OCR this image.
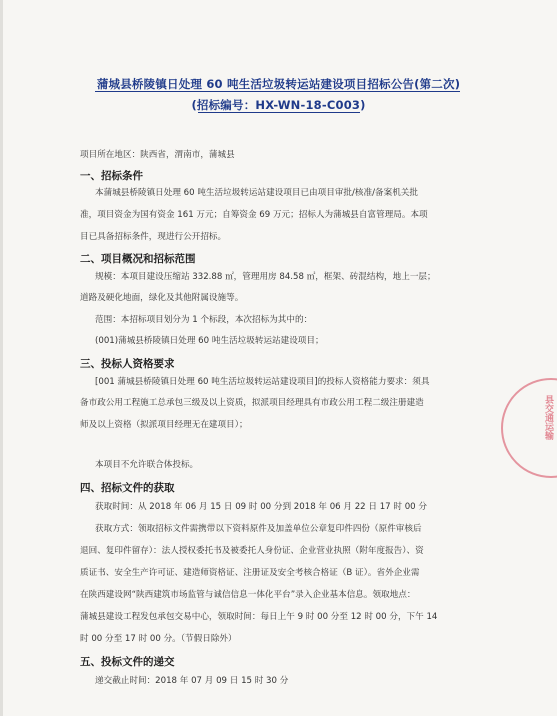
蒲城县桥陵镇日处理 60 吨生活垃圾转运站建设项目招标公告(第二次)
(招标编号：HX-WN-18-C003)
项目所在地区：陕西省，渭南市，蒲城县
一、招标条件
本蒲城县桥陵镇日处理 60 吨生活垃圾转运站建设项目已由项目审批/核准/备案机关批
准，项目资金为国有资金 161 万元；自筹资金 69 万元；招标人为蒲城县自富管理局。本项
目已具备招标条件，现进行公开招标。
二、项目概况和招标范围
规模：本项目建设压缩站 332.88 ㎡，管理用房 84.58 ㎡，框架、砖混结构，地上一层；
道路及硬化地面，绿化及其他附属设施等。
范围：本招标项目划分为 1 个标段，本次招标为其中的：
(001)蒲城县桥陵镇日处理 60 吨生活垃圾转运站建设项目；
三、投标人资格要求
[001 蒲城县桥陵镇日处理 60 吨生活垃圾转运站建设项目]的投标人资格能力要求：须具
备市政公用工程施工总承包三级及以上资质，拟派项目经理具有市政公用工程二级注册建造
师及以上资格（拟派项目经理无在建项目）；
本项目不允许联合体投标。
四、招标文件的获取
获取时间：从 2018 年 06 月 15 日 09 时 00 分到 2018 年 06 月 22 日 17 时 00 分
获取方式：领取招标文件需携带以下资料原件及加盖单位公章复印件四份（原件审核后
退回、复印件留存）：法人授权委托书及被委托人身份证、企业营业执照（附年度报告）、资
质证书、安全生产许可证、建造师资格证、注册证及安全考核合格证（B 证）。省外企业需
在陕西建设网“陕西建筑市场监管与诚信信息一体化平台”录入企业基本信息。领取地点：
蒲城县建设工程发包承包交易中心，领取时间：每日上午 9 时 00 分至 12 时 00 分，下午 14
时 00 分至 17 时 00 分。（节假日除外）
五、投标文件的递交
递交截止时间：2018 年 07 月 09 日 15 时 30 分
县交通运输
